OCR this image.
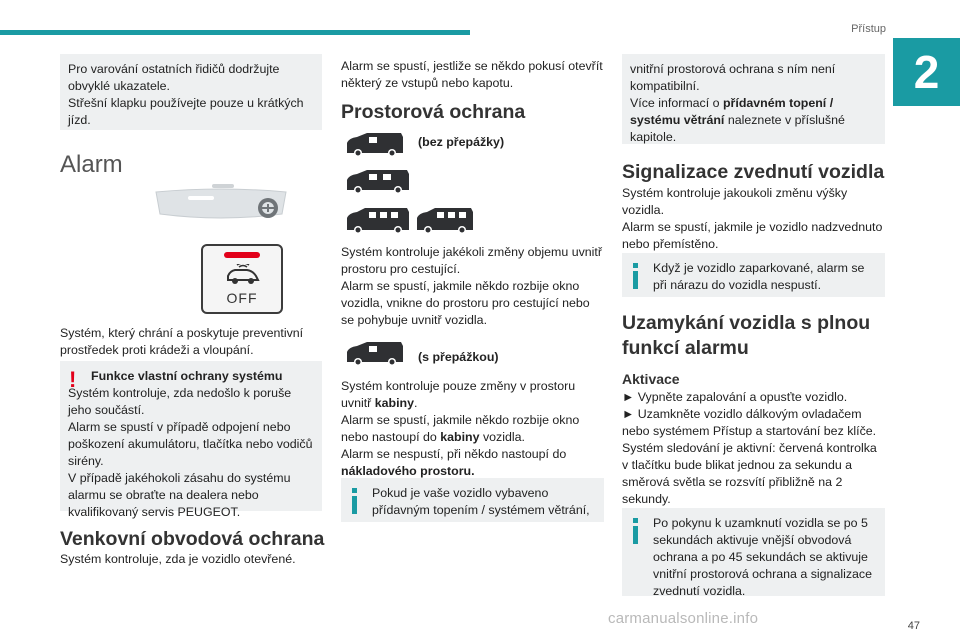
Přístup
2

Pro varování ostatních řidičů dodržujte obvyklé ukazatele.

Střešní klapku používejte pouze u krátkých jízd.

Alarm
OFF

Systém, který chrání a poskytuje preventivní prostředek proti krádeži a vloupání.

! Funkce vlastní ochrany systému

Systém kontroluje, zda nedošlo k poruše jeho součástí.

Alarm se spustí v případě odpojení nebo poškození akumulátoru, tlačítka nebo vodičů sirény.

V případě jakéhokoli zásahu do systému alarmu se obraťte na dealera nebo kvalifikovaný servis PEUGEOT.

Venkovní obvodová ochrana

Systém kontroluje, zda je vozidlo otevřené.

Alarm se spustí, jestliže se někdo pokusí otevřít některý ze vstupů nebo kapotu.

Prostorová ochrana
(bez přepážky)

Systém kontroluje jakékoli změny objemu uvnitř prostoru pro cestující.

Alarm se spustí, jakmile někdo rozbije okno vozidla, vnikne do prostoru pro cestující nebo se pohybuje uvnitř vozidla.

(s přepážkou)

Systém kontroluje pouze změny v prostoru uvnitř kabiny.

Alarm se spustí, jakmile někdo rozbije okno nebo nastoupí do kabiny vozidla.

Alarm se nespustí, při někdo nastoupí do nákladového prostoru.

Pokud je vaše vozidlo vybaveno přídavným topením / systémem větrání,

vnitřní prostorová ochrana s ním není kompatibilní.

Více informací o přídavném topení / systému větrání naleznete v příslušné kapitole.

Signalizace zvednutí vozidla

Systém kontroluje jakoukoli změnu výšky vozidla.

Alarm se spustí, jakmile je vozidlo nadzvednuto nebo přemístěno.

Když je vozidlo zaparkované, alarm se při nárazu do vozidla nespustí.

Uzamykání vozidla s plnou funkcí alarmu
Aktivace

► Vypněte zapalování a opusťte vozidlo.

► Uzamkněte vozidlo dálkovým ovladačem nebo systémem Přístup a startování bez klíče.

Systém sledování je aktivní: červená kontrolka v tlačítku bude blikat jednou za sekundu a směrová světla se rozsvítí přibližně na 2 sekundy.

Po pokynu k uzamknutí vozidla se po 5 sekundách aktivuje vnější obvodová ochrana a po 45 sekundách se aktivuje vnitřní prostorová ochrana a signalizace zvednutí vozidla.

carmanualsonline.info	47
